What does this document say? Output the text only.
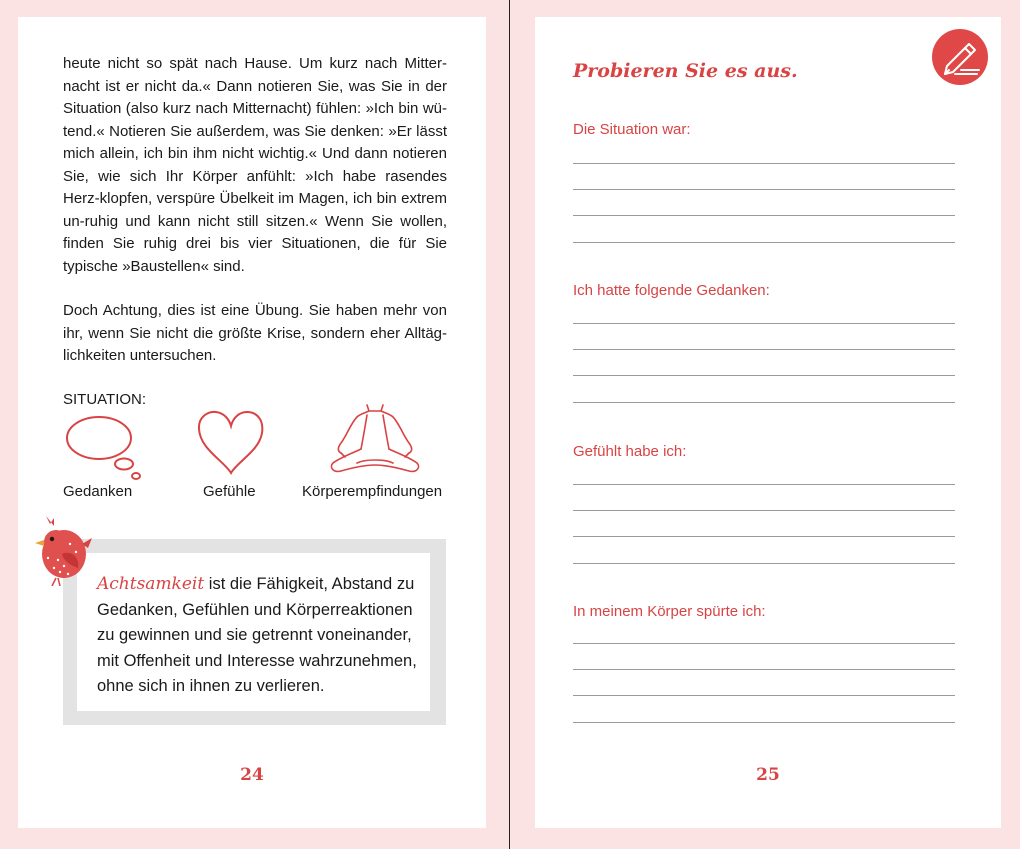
heute nicht so spät nach Hause. Um kurz nach Mitter-nacht ist er nicht da.« Dann notieren Sie, was Sie in der Situation (also kurz nach Mitternacht) fühlen: »Ich bin wü-tend.« Notieren Sie außerdem, was Sie denken: »Er lässt mich allein, ich bin ihm nicht wichtig.« Und dann notieren Sie, wie sich Ihr Körper anfühlt: »Ich habe rasendes Herz-klopfen, verspüre Übelkeit im Magen, ich bin extrem un-ruhig und kann nicht still sitzen.« Wenn Sie wollen, finden Sie ruhig drei bis vier Situationen, die für Sie typische »Baustellen« sind.

Doch Achtung, dies ist eine Übung. Sie haben mehr von ihr, wenn Sie nicht die größte Krise, sondern eher Alltäg-lichkeiten untersuchen.

SITUATION:
Gedanken	Gefühle	Körperempfindungen
Achtsamkeit ist die Fähigkeit, Abstand zu Gedanken, Gefühlen und Körperreaktionen zu gewinnen und sie getrennt voneinander, mit Offenheit und Interesse wahrzunehmen, ohne sich in ihnen zu verlieren.
24
Probieren Sie es aus.
Die Situation war:
Ich hatte folgende Gedanken:
Gefühlt habe ich:
In meinem Körper spürte ich:
25
